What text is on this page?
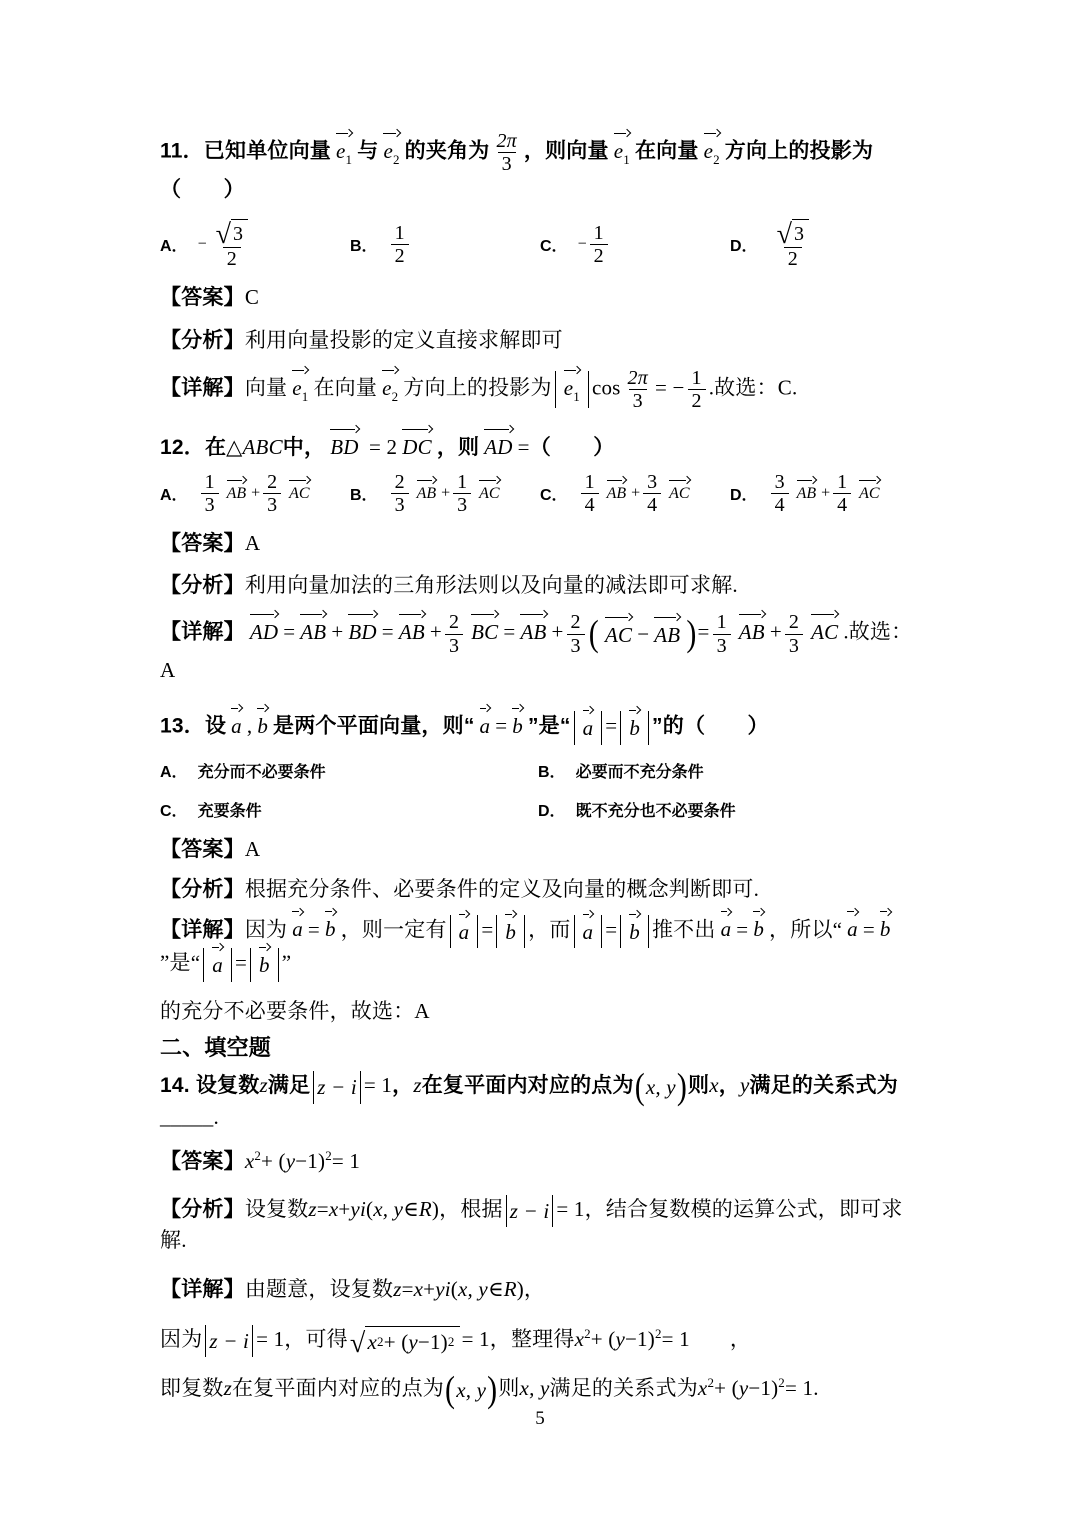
11．已知单位向量 $e_1$ 与 $e_2$ 的夹角为 $\frac{2\pi}{3}$ ，则向量 $e_1$ 在向量 $e_2$ 方向上的投影为（　　）
A． − $\frac{√ 3}{2}$	B． $\frac{1}{2}$	C． − $\frac{1}{2}$	D． $\frac{√ 3}{2}$
【答案】C
【分析】利用向量投影的定义直接求解即可
【详解】向量 $e_1$ 在向量 $e_2$ 方向上的投影为 $e_1$ $\cos \frac{2\pi}{3}$ = − $\frac{1}{2}$ .故选：C.
12．在△ABC中， BD = 2 DC ，则 AD =（　　）
A． $\frac{1}{3}$ AB + $\frac{2}{3}$ AC	B． $\frac{2}{3}$ AB + $\frac{1}{3}$ AC	C． $\frac{1}{4}$ AB + $\frac{3}{4}$ AC	D． $\frac{3}{4}$ AB + $\frac{1}{4}$ AC
【答案】A
【分析】利用向量加法的三角形法则以及向量的减法即可求解.
【详解】 AD = AB + BD = AB + $\frac{2}{3}$ BC = AB + $\frac{2}{3}$ ( AC − AB ) = $\frac{1}{3}$ AB + $\frac{2}{3}$ AC .故选：A
13．设 a , b 是两个平面向量，则“ a = b ”是“ a = b ”的（　　）
A． 充分而不必要条件	B． 必要而不充分条件
C． 充要条件	D． 既不充分也不必要条件
【答案】A
【分析】根据充分条件、必要条件的定义及向量的概念判断即可.
【详解】因为 a = b ，则一定有 a = b ，而 a = b 推不出 a = b ，所以“ a = b”是“ a = b ”
的充分不必要条件，故选：A
二、填空题
14. 设复数z满足 z − i = 1，z在复平面内对应的点为 ( x, y ) 则x，y满足的关系式为_____.
【答案】$x^2+ (y-1)^2= 1$
【分析】设复数z=x+yi(x, y∈R)，根据 z − i = 1，结合复数模的运算公式，即可求解.
【详解】由题意，设复数z=x+yi(x, y∈R)，
因为 z − i = 1，可得 √ x 2 + ( y −1) 2 = 1，整理得$x^2+ (y-1)^2= 1$ ，
即复数z在复平面内对应的点为 ( x, y ) 则x, y满足的关系式为$x^2+ (y-1)^2= 1$.
5
